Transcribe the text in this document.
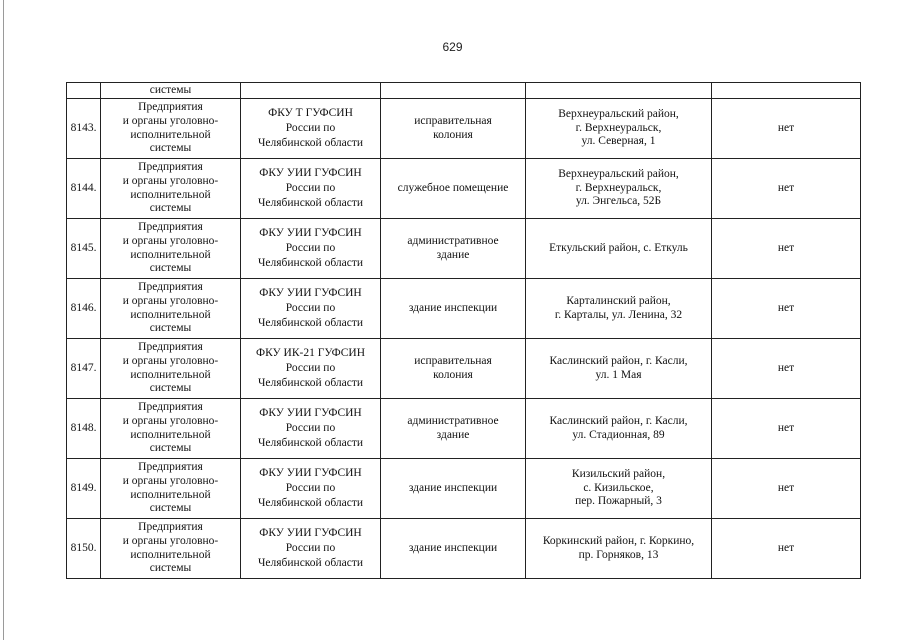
629
	системы				
8143.	Предприятия
и органы уголовно-
исполнительной
системы	ФКУ Т ГУФСИН
России по
Челябинской области	исправительная
колония	Верхнеуральский район,
г. Верхнеуральск,
ул. Северная, 1	нет
8144.	Предприятия
и органы уголовно-
исполнительной
системы	ФКУ УИИ ГУФСИН
России по
Челябинской области	служебное помещение	Верхнеуральский район,
г. Верхнеуральск,
ул. Энгельса, 52Б	нет
8145.	Предприятия
и органы уголовно-
исполнительной
системы	ФКУ УИИ ГУФСИН
России по
Челябинской области	административное
здание	Еткульский район, с. Еткуль	нет
8146.	Предприятия
и органы уголовно-
исполнительной
системы	ФКУ УИИ ГУФСИН
России по
Челябинской области	здание инспекции	Карталинский район,
г. Карталы, ул. Ленина, 32	нет
8147.	Предприятия
и органы уголовно-
исполнительной
системы	ФКУ ИК-21 ГУФСИН
России по
Челябинской области	исправительная
колония	Каслинский район, г. Касли,
ул. 1 Мая	нет
8148.	Предприятия
и органы уголовно-
исполнительной
системы	ФКУ УИИ ГУФСИН
России по
Челябинской области	административное
здание	Каслинский район, г. Касли,
ул. Стадионная, 89	нет
8149.	Предприятия
и органы уголовно-
исполнительной
системы	ФКУ УИИ ГУФСИН
России по
Челябинской области	здание инспекции	Кизильский район,
с. Кизильское,
пер. Пожарный, 3	нет
8150.	Предприятия
и органы уголовно-
исполнительной
системы	ФКУ УИИ ГУФСИН
России по
Челябинской области	здание инспекции	Коркинский район, г. Коркино,
пр. Горняков, 13	нет
